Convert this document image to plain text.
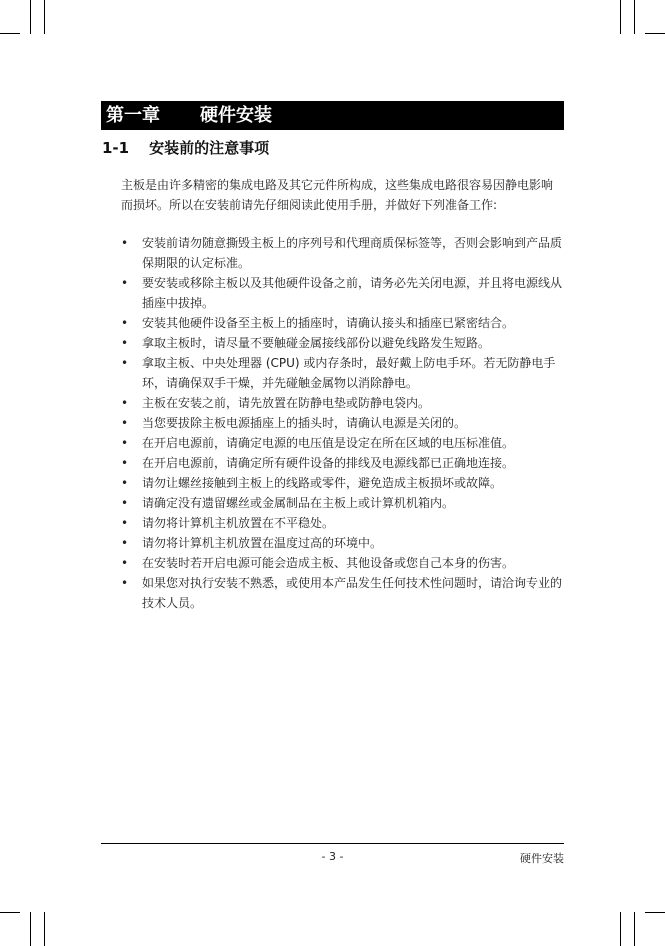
第一章 硬件安装
1-1 安装前的注意事项

主板是由许多精密的集成电路及其它元件所构成，这些集成电路很容易因静电影响而损坏。所以在安装前请先仔细阅读此使用手册，并做好下列准备工作:

• 安装前请勿随意撕毁主板上的序列号和代理商质保标签等，否则会影响到产品质保期限的认定标准。
• 要安装或移除主板以及其他硬件设备之前，请务必先关闭电源，并且将电源线从插座中拔掉。
• 安装其他硬件设备至主板上的插座时，请确认接头和插座已紧密结合。
• 拿取主板时，请尽量不要触碰金属接线部份以避免线路发生短路。
• 拿取主板、中央处理器 (CPU) 或内存条时，最好戴上防电手环。若无防静电手环，请确保双手干燥，并先碰触金属物以消除静电。
• 主板在安装之前，请先放置在防静电垫或防静电袋内。
• 当您要拔除主板电源插座上的插头时，请确认电源是关闭的。
• 在开启电源前，请确定电源的电压值是设定在所在区域的电压标准值。
• 在开启电源前，请确定所有硬件设备的排线及电源线都已正确地连接。
• 请勿让螺丝接触到主板上的线路或零件，避免造成主板损坏或故障。
• 请确定没有遗留螺丝或金属制品在主板上或计算机机箱内。
• 请勿将计算机主机放置在不平稳处。
• 请勿将计算机主机放置在温度过高的环境中。
• 在安装时若开启电源可能会造成主板、其他设备或您自己本身的伤害。
• 如果您对执行安装不熟悉，或使用本产品发生任何技术性问题时，请洽询专业的技术人员。
- 3 -	硬件安装
